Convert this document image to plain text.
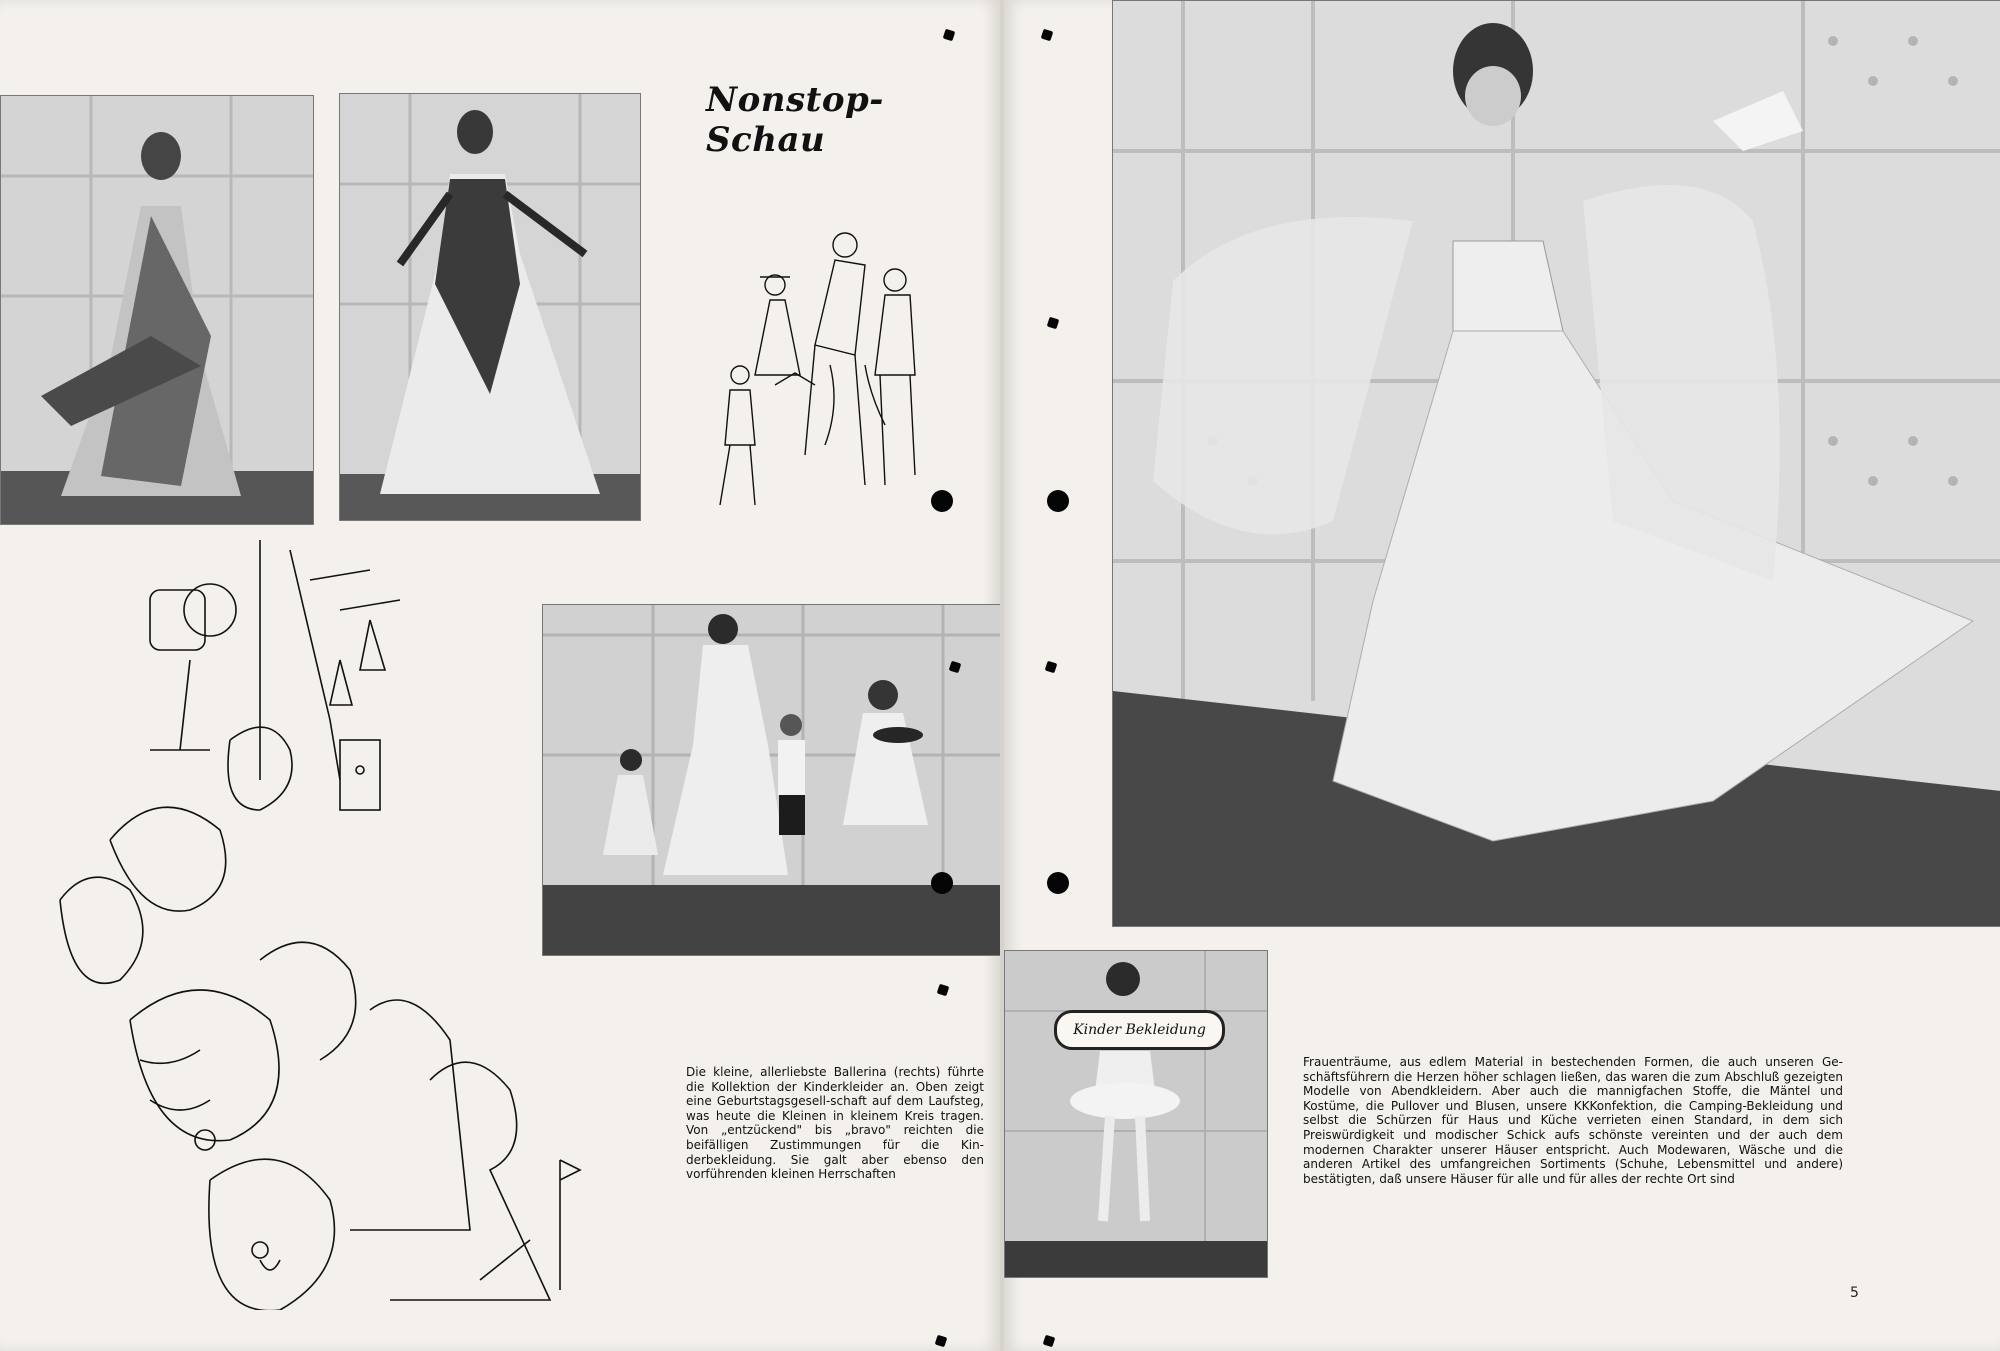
Nonstop-Schau
Die kleine, allerliebste Ballerina (rechts) führte die Kollektion der Kinderkleider an. Oben zeigt eine Geburtstagsgesell-schaft auf dem Laufsteg, was heute die Kleinen in kleinem Kreis tragen. Von „entzückend" bis „bravo" reichten die beifälligen Zustimmungen für die Kin-derbekleidung. Sie galt aber ebenso den vorführenden kleinen Herrschaften
Kinder Bekleidung
Frauenträume, aus edlem Material in bestechenden Formen, die auch unseren Ge-schäftsführern die Herzen höher schlagen ließen, das waren die zum Abschluß gezeigten Modelle von Abendkleidern. Aber auch die mannigfachen Stoffe, die Mäntel und Kostüme, die Pullover und Blusen, unsere KKKonfektion, die Camping-Bekleidung und selbst die Schürzen für Haus und Küche verrieten einen Standard, in dem sich Preiswürdigkeit und modischer Schick aufs schönste vereinten und der auch dem modernen Charakter unserer Häuser entspricht. Auch Modewaren, Wäsche und die anderen Artikel des umfangreichen Sortiments (Schuhe, Lebensmittel und andere) bestätigten, daß unsere Häuser für alle und für alles der rechte Ort sind
5
